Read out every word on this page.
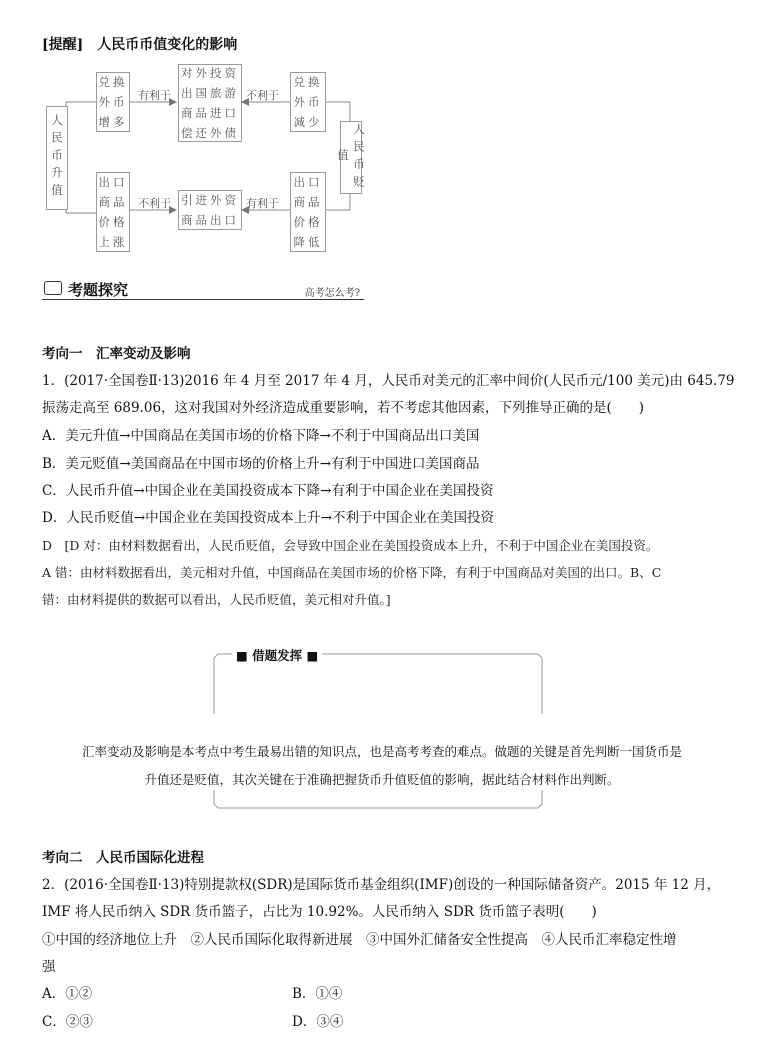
[提醒]　人民币币值变化的影响
人民币升值	人民币贬值
兑换
外币
增多
兑换
外币
减少
对外投资
出国旅游
商品进口
偿还外债
出口
商品
价格
上涨
出口
商品
价格
降低
引进外资
商品出口
有利于	不利于
不利于	有利于
考题探究	高考怎么考?
考向一　汇率变动及影响
1．(2017·全国卷Ⅱ·13)2016 年 4 月至 2017 年 4 月，人民币对美元的汇率中间价(人民币元/100 美元)由 645.79
振荡走高至 689.06，这对我国对外经济造成重要影响，若不考虑其他因素，下列推导正确的是(　　)
A．美元升值→中国商品在美国市场的价格下降→不利于中国商品出口美国
B．美元贬值→美国商品在中国市场的价格上升→有利于中国进口美国商品
C．人民币升值→中国企业在美国投资成本下降→有利于中国企业在美国投资
D．人民币贬值→中国企业在美国投资成本上升→不利于中国企业在美国投资
D　[D 对：由材料数据看出，人民币贬值，会导致中国企业在美国投资成本上升，不利于中国企业在美国投资。
A 错：由材料数据看出，美元相对升值，中国商品在美国市场的价格下降，有利于中国商品对美国的出口。B、C
错：由材料提供的数据可以看出，人民币贬值，美元相对升值。]
■ 借题发挥 ■
汇率变动及影响是本考点中考生最易出错的知识点，也是高考考查的难点。做题的关键是首先判断一国货币是
升值还是贬值，其次关键在于准确把握货币升值贬值的影响，据此结合材料作出判断。
考向二　人民币国际化进程
2．(2016·全国卷Ⅱ·13)特别提款权(SDR)是国际货币基金组织(IMF)创设的一种国际储备资产。2015 年 12 月，
IMF 将人民币纳入 SDR 货币篮子，占比为 10.92%。人民币纳入 SDR 货币篮子表明(　　)
①中国的经济地位上升　②人民币国际化取得新进展　③中国外汇储备安全性提高　④人民币汇率稳定性增
强
A．①②	B．①④
C．②③	D．③④
